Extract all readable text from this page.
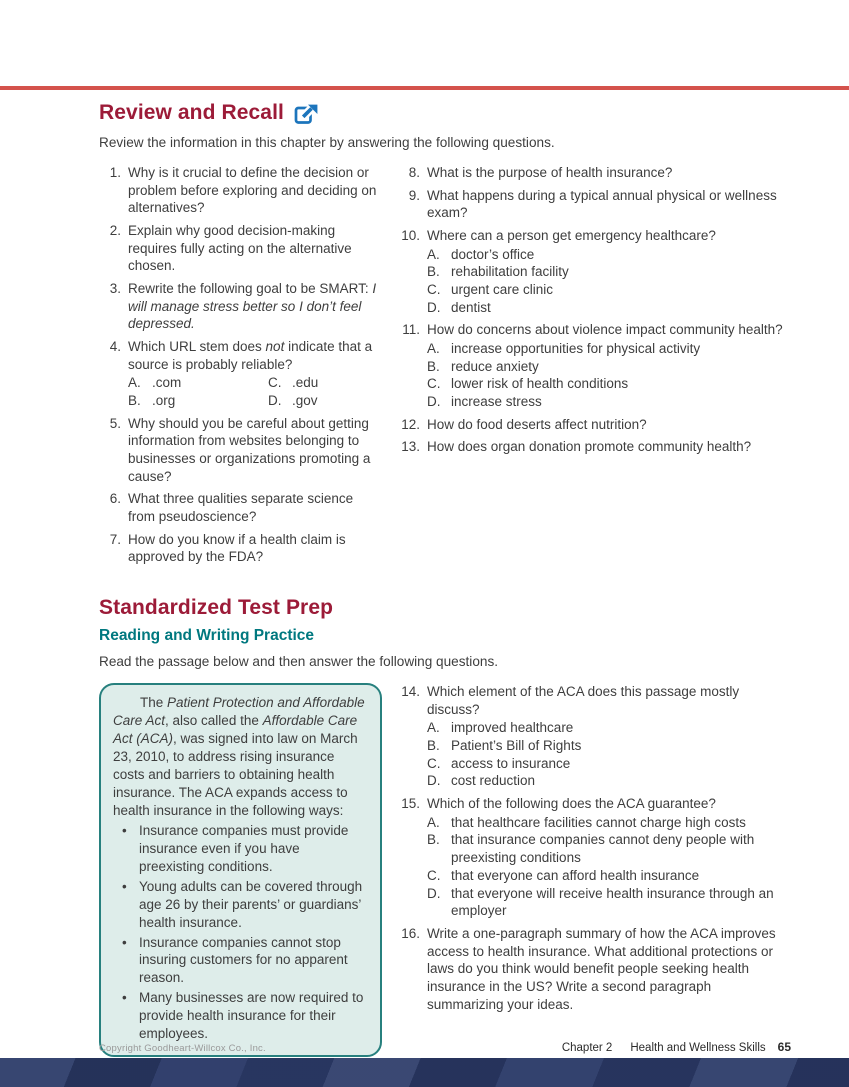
Review and Recall

Review the information in this chapter by answering the following questions.

1. Why is it crucial to define the decision or problem before exploring and deciding on alternatives?
2. Explain why good decision-making requires fully acting on the alternative chosen.
3. Rewrite the following goal to be SMART: I will manage stress better so I don’t feel depressed.
4. Which URL stem does not indicate that a source is probably reliable?
A. .com
B. .org
C. .edu
D. .gov
5. Why should you be careful about getting information from websites belonging to businesses or organizations promoting a cause?
6. What three qualities separate science from pseudoscience?
7. How do you know if a health claim is approved by the FDA?
8. What is the purpose of health insurance?
9. What happens during a typical annual physical or wellness exam?
10. Where can a person get emergency healthcare?
A. doctor’s office
B. rehabilitation facility
C. urgent care clinic
D. dentist
11. How do concerns about violence impact community health?
A. increase opportunities for physical activity
B. reduce anxiety
C. lower risk of health conditions
D. increase stress
12. How do food deserts affect nutrition?
13. How does organ donation promote community health?
Standardized Test Prep
Reading and Writing Practice

Read the passage below and then answer the following questions.

The Patient Protection and Affordable Care Act, also called the Affordable Care Act (ACA), was signed into law on March 23, 2010, to address rising insurance costs and barriers to obtaining health insurance. The ACA expands access to health insurance in the following ways:

• Insurance companies must provide insurance even if you have preexisting conditions.
• Young adults can be covered through age 26 by their parents’ or guardians’ health insurance.
• Insurance companies cannot stop insuring customers for no apparent reason.
• Many businesses are now required to provide health insurance for their employees.
14. Which element of the ACA does this passage mostly discuss?
A. improved healthcare
B. Patient’s Bill of Rights
C. access to insurance
D. cost reduction
15. Which of the following does the ACA guarantee?
A. that healthcare facilities cannot charge high costs
B. that insurance companies cannot deny people with preexisting conditions
C. that everyone can afford health insurance
D. that everyone will receive health insurance through an employer
16. Write a one-paragraph summary of how the ACA improves access to health insurance. What additional protections or laws do you think would benefit people seeking health insurance in the US? Write a second paragraph summarizing your ideas.
Copyright Goodheart-Willcox Co., Inc.	Chapter 2 Health and Wellness Skills 65
